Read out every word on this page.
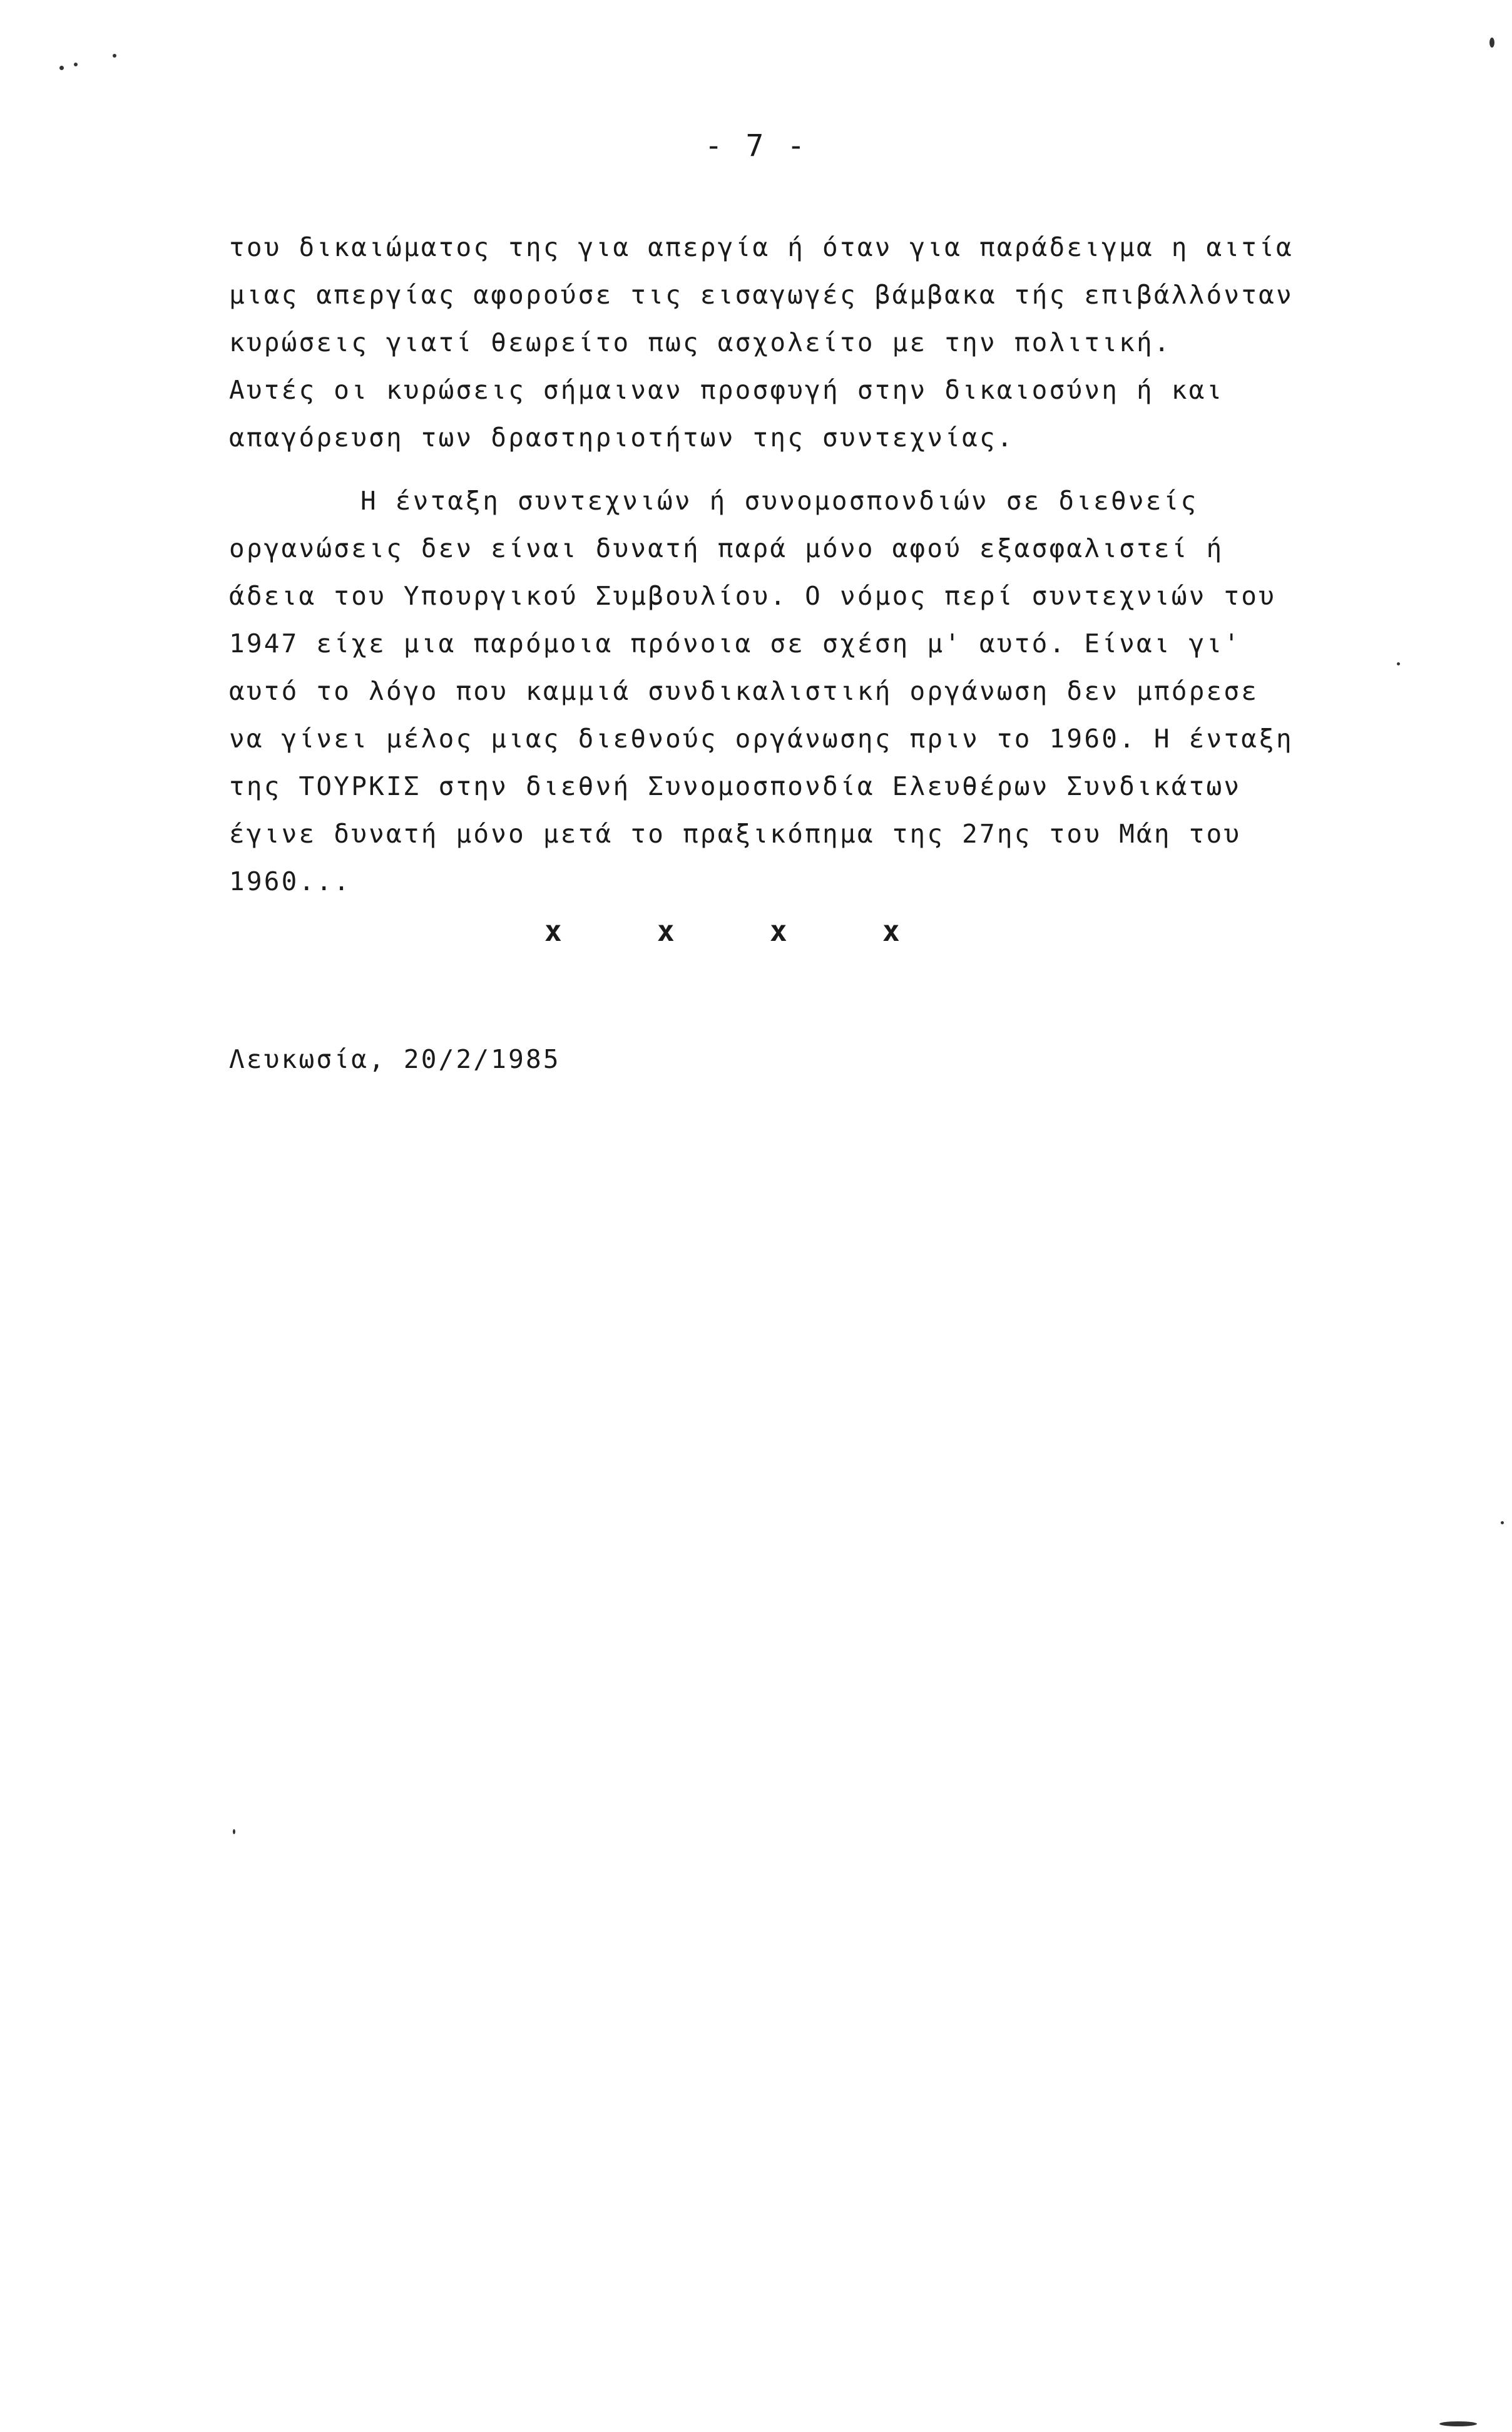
- 7 -
του δικαιώματος της για απεργία ή όταν για παράδειγμα η αιτία
μιας απεργίας αφορούσε τις εισαγωγές βάμβακα τής επιβάλλόνταν
κυρώσεις γιατί θεωρείτο πως ασχολείτο με την πολιτική.
Αυτές οι κυρώσεις σήμαιναν προσφυγή στην δικαιοσύνη ή και
απαγόρευση των δραστηριοτήτων της συντεχνίας.
Η ένταξη συντεχνιών ή συνομοσπονδιών σε διεθνείς
οργανώσεις δεν είναι δυνατή παρά μόνο αφού εξασφαλιστεί ή
άδεια του Υπουργικού Συμβουλίου. Ο νόμος περί συντεχνιών του
1947 είχε μια παρόμοια πρόνοια σε σχέση μ' αυτό. Είναι γι'
αυτό το λόγο που καμμιά συνδικαλιστική οργάνωση δεν μπόρεσε
να γίνει μέλος μιας διεθνούς οργάνωσης πριν το 1960. Η ένταξη
της ΤΟΥΡΚΙΣ στην διεθνή Συνομοσπονδία Ελευθέρων Συνδικάτων
έγινε δυνατή μόνο μετά το πραξικόπημα της 27ης του Μάη του
1960...
x	x	x	x
Λευκωσία, 20/2/1985
